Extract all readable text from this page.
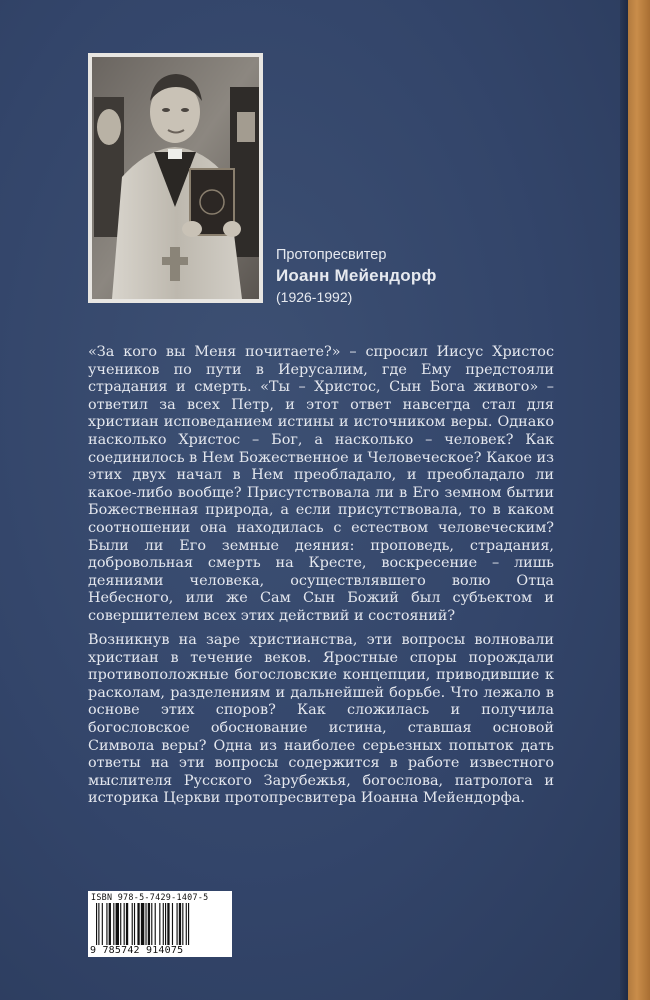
Протопресвитер
Иоанн Мейендорф
(1926-1992)

«За кого вы Меня почитаете?» – спросил Иисус Христос учеников по пути в Иерусалим, где Ему предстояли страдания и смерть. «Ты – Христос, Сын Бога живого» – ответил за всех Петр, и этот ответ навсегда стал для христиан исповеданием истины и источником веры. Однако насколько Христос – Бог, а насколько – человек? Как соединилось в Нем Божественное и Человеческое? Какое из этих двух начал в Нем преобладало, и преобладало ли какое-либо вообще? Присутствовала ли в Его земном бытии Божественная природа, а если присутствовала, то в каком соотношении она находилась с естеством человеческим? Были ли Его земные деяния: проповедь, страдания, добровольная смерть на Кресте, воскресение – лишь деяниями человека, осуществлявшего волю Отца Небесного, или же Сам Сын Божий был субъектом и совершителем всех этих действий и состояний?

Возникнув на заре христианства, эти вопросы волновали христиан в течение веков. Яростные споры порождали противоположные богословские концепции, приводившие к расколам, разделениям и дальнейшей борьбе. Что лежало в основе этих споров? Как сложилась и получила богословское обоснование истина, ставшая основой Символа веры? Одна из наиболее серьезных попыток дать ответы на эти вопросы содержится в работе известного мыслителя Русского Зарубежья, богослова, патролога и историка Церкви протопресвитера Иоанна Мейендорфа.

ISBN 978-5-7429-1407-5
9 785742 914075
